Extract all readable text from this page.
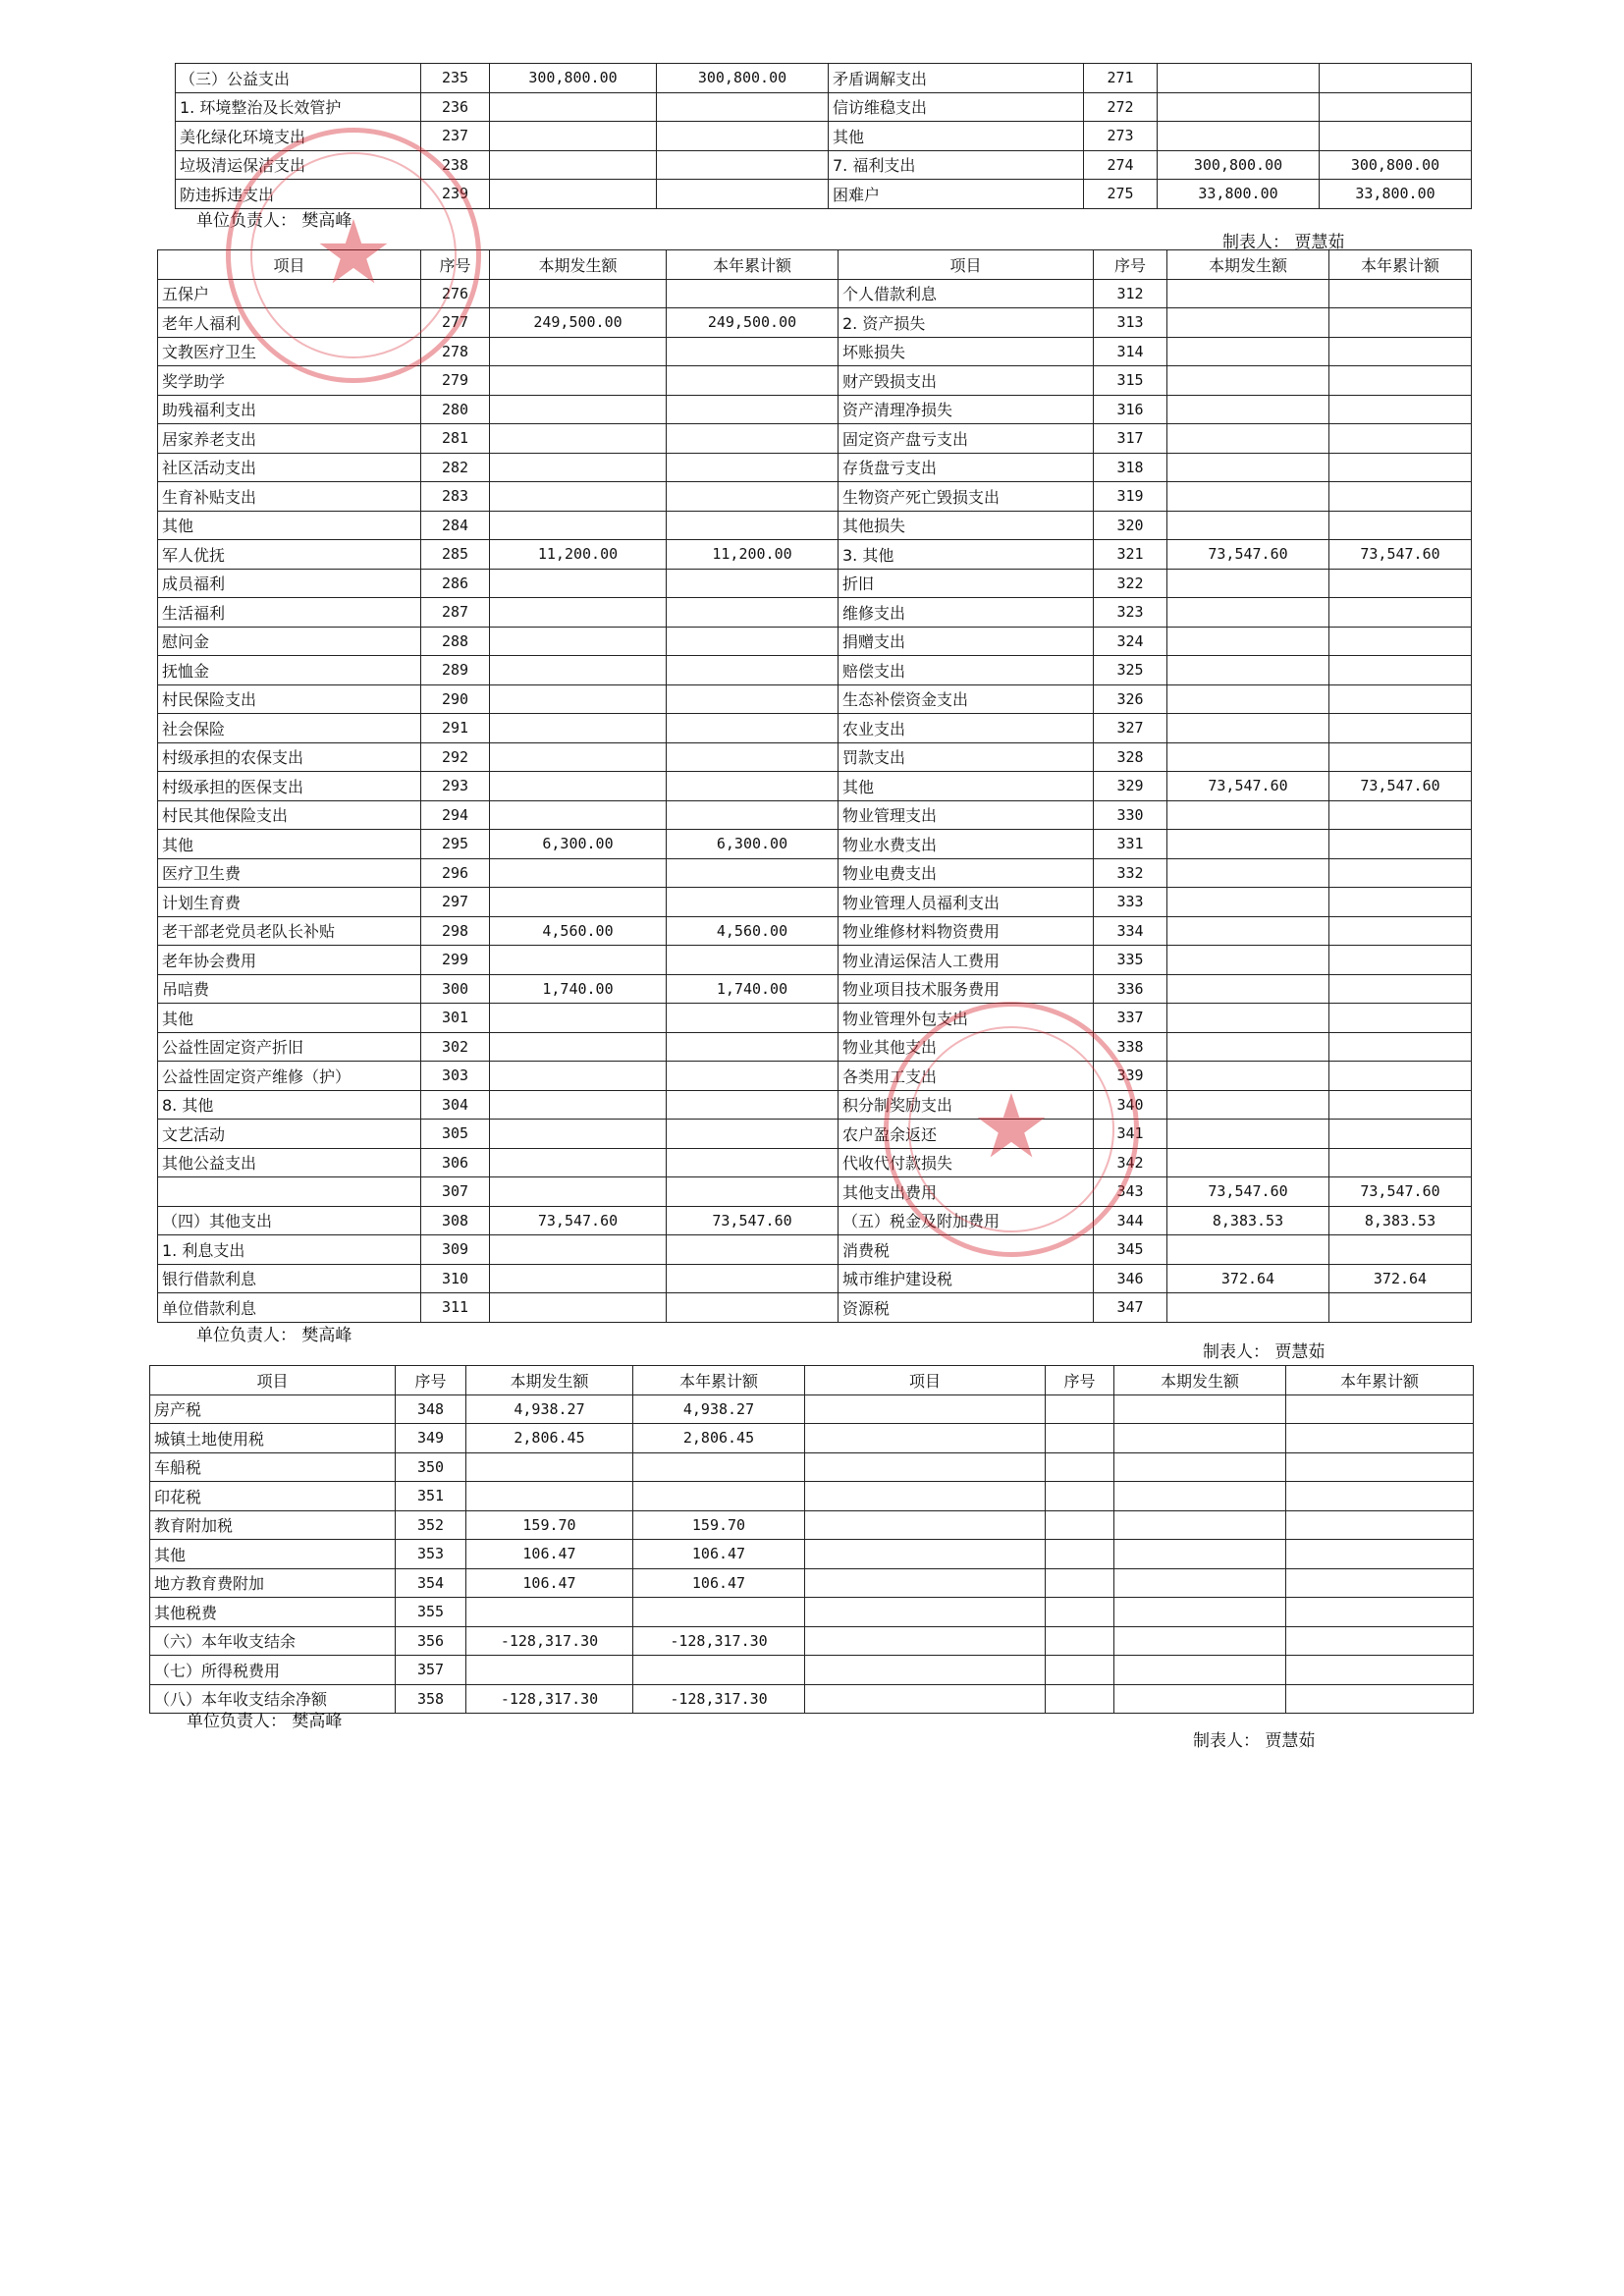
（三）公益支出	235	300,800.00	300,800.00	矛盾调解支出	271		
1. 环境整治及长效管护	236			信访维稳支出	272		
美化绿化环境支出	237			其他	273		
垃圾清运保洁支出	238			7. 福利支出	274	300,800.00	300,800.00
防违拆违支出	239			困难户	275	33,800.00	33,800.00
单位负责人： 樊高峰
制表人： 贾慧茹
项目	序号	本期发生额	本年累计额	项目	序号	本期发生额	本年累计额
五保户	276			个人借款利息	312		
老年人福利	277	249,500.00	249,500.00	2. 资产损失	313		
文教医疗卫生	278			坏账损失	314		
奖学助学	279			财产毁损支出	315		
助残福利支出	280			资产清理净损失	316		
居家养老支出	281			固定资产盘亏支出	317		
社区活动支出	282			存货盘亏支出	318		
生育补贴支出	283			生物资产死亡毁损支出	319		
其他	284			其他损失	320		
军人优抚	285	11,200.00	11,200.00	3. 其他	321	73,547.60	73,547.60
成员福利	286			折旧	322		
生活福利	287			维修支出	323		
慰问金	288			捐赠支出	324		
抚恤金	289			赔偿支出	325		
村民保险支出	290			生态补偿资金支出	326		
社会保险	291			农业支出	327		
村级承担的农保支出	292			罚款支出	328		
村级承担的医保支出	293			其他	329	73,547.60	73,547.60
村民其他保险支出	294			物业管理支出	330		
其他	295	6,300.00	6,300.00	物业水费支出	331		
医疗卫生费	296			物业电费支出	332		
计划生育费	297			物业管理人员福利支出	333		
老干部老党员老队长补贴	298	4,560.00	4,560.00	物业维修材料物资费用	334		
老年协会费用	299			物业清运保洁人工费用	335		
吊唁费	300	1,740.00	1,740.00	物业项目技术服务费用	336		
其他	301			物业管理外包支出	337		
公益性固定资产折旧	302			物业其他支出	338		
公益性固定资产维修（护）	303			各类用工支出	339		
8. 其他	304			积分制奖励支出	340		
文艺活动	305			农户盈余返还	341		
其他公益支出	306			代收代付款损失	342		
	307			其他支出费用	343	73,547.60	73,547.60
（四）其他支出	308	73,547.60	73,547.60	（五）税金及附加费用	344	8,383.53	8,383.53
1. 利息支出	309			消费税	345		
银行借款利息	310			城市维护建设税	346	372.64	372.64
单位借款利息	311			资源税	347		
单位负责人： 樊高峰
制表人： 贾慧茹
项目	序号	本期发生额	本年累计额	项目	序号	本期发生额	本年累计额
房产税	348	4,938.27	4,938.27				
城镇土地使用税	349	2,806.45	2,806.45				
车船税	350						
印花税	351						
教育附加税	352	159.70	159.70				
其他	353	106.47	106.47				
地方教育费附加	354	106.47	106.47				
其他税费	355						
（六）本年收支结余	356	-128,317.30	-128,317.30				
（七）所得税费用	357						
（八）本年收支结余净额	358	-128,317.30	-128,317.30				
单位负责人： 樊高峰
制表人： 贾慧茹
★
★
